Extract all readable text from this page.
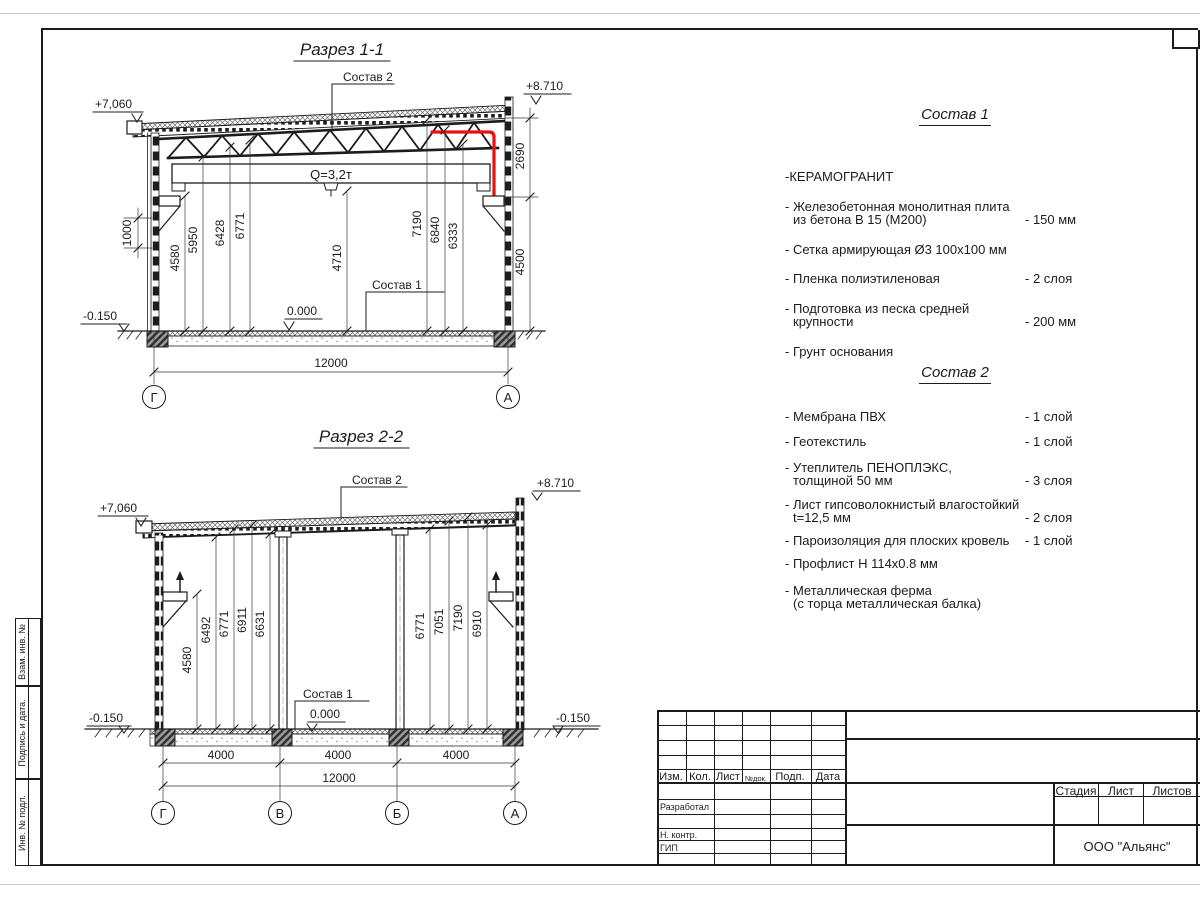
Взам. инв. №
Подпись и дата.
Инв. № подл.
Разрез 1-1
Q=3,2т
4580
5950 6428 6771
4710
7190 6840 6333
2690
4500
1000
12000
+7,060
+8.710
-0.150	0.000
Состав 2
Состав 1
Г	А
Разрез 2-2
4580
6492 6771 6911 6631	6771 7051 7190 6910
4000	4000	4000
12000
+7,060
+8.710
-0.150	-0.150
0.000
Состав 2
Состав 1
Г	В	Б	А
Состав 1
-КЕРАМОГРАНИТ
- Железобетонная монолитная плита
из бетона В 15 (М200)	- 150 мм
- Сетка армирующая Ø3 100х100 мм
- Пленка полиэтиленовая	- 2 слоя
- Подготовка из песка средней
крупности	- 200 мм
- Грунт основания
Состав 2
- Мембрана ПВХ	- 1 слой
- Геотекстиль	- 1 слой
- Утеплитель ПЕНОПЛЭКС,
толщиной 50 мм	- 3 слоя
- Лист гипсоволокнистый влагостойкий
t=12,5 мм	- 2 слоя
- Пароизоляция для плоских кровель	- 1 слой
- Профлист Н 114х0.8 мм
- Металлическая ферма
(с торца металлическая балка)
Изм. Кол. Лист №док. Подп. Дата
Разработал
Н. контр.
ГИП
Стадия Лист Листов
ООО "Альянс"
